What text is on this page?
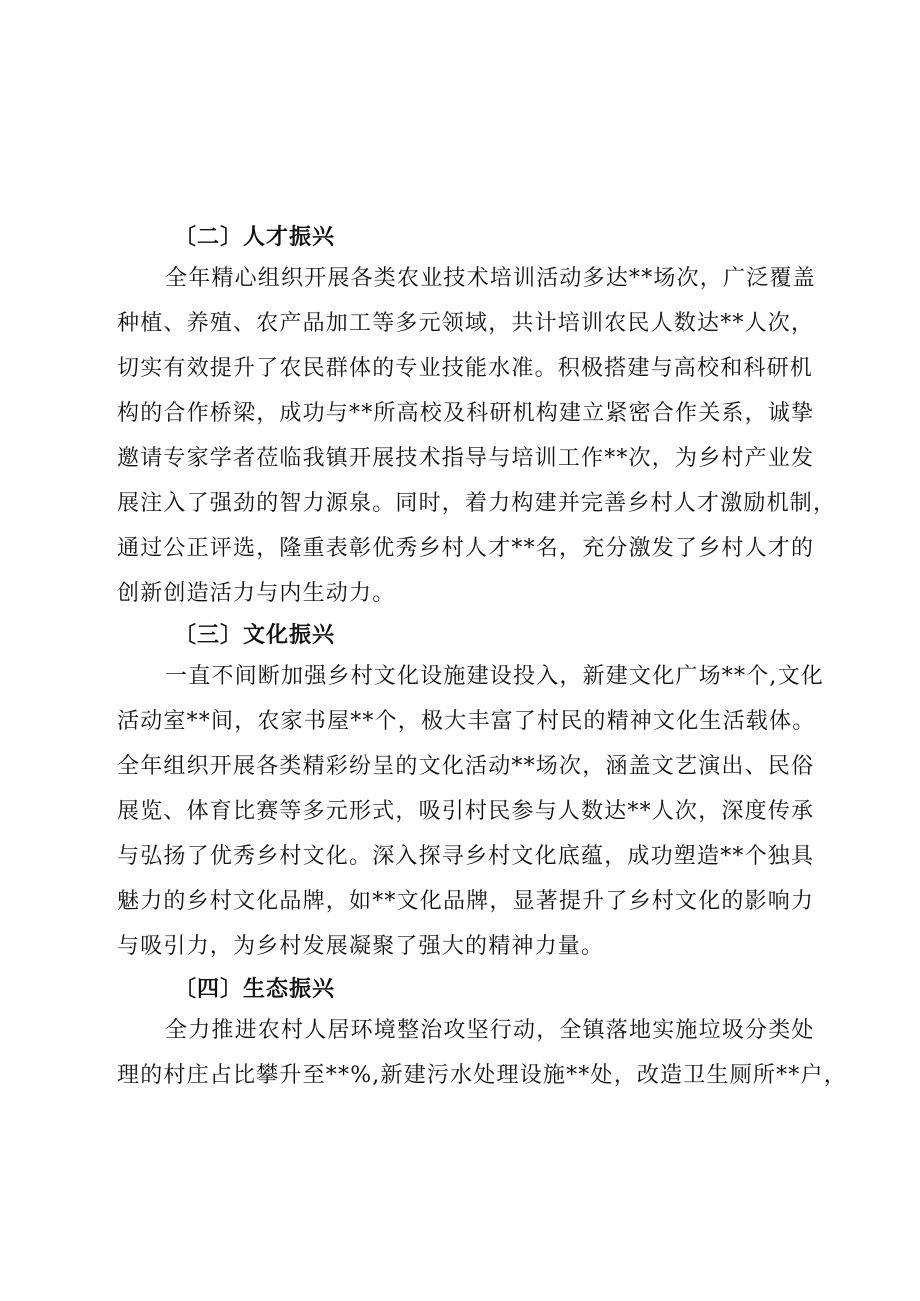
〔二〕人才振兴
全年精心组织开展各类农业技术培训活动多达**场次，广泛覆盖
种植、养殖、农产品加工等多元领域，共计培训农民人数达**人次，
切实有效提升了农民群体的专业技能水准。积极搭建与高校和科研机
构的合作桥梁，成功与**所高校及科研机构建立紧密合作关系，诚挚
邀请专家学者莅临我镇开展技术指导与培训工作**次，为乡村产业发
展注入了强劲的智力源泉。同时，着力构建并完善乡村人才激励机制，
通过公正评选，隆重表彰优秀乡村人才**名，充分激发了乡村人才的
创新创造活力与内生动力。
〔三〕文化振兴
一直不间断加强乡村文化设施建设投入，新建文化广场**个,文化
活动室**间，农家书屋**个，极大丰富了村民的精神文化生活载体。
全年组织开展各类精彩纷呈的文化活动**场次，涵盖文艺演出、民俗
展览、体育比赛等多元形式，吸引村民参与人数达**人次，深度传承
与弘扬了优秀乡村文化。深入探寻乡村文化底蕴，成功塑造**个独具
魅力的乡村文化品牌，如**文化品牌，显著提升了乡村文化的影响力
与吸引力，为乡村发展凝聚了强大的精神力量。
〔四〕生态振兴
全力推进农村人居环境整治攻坚行动，全镇落地实施垃圾分类处
理的村庄占比攀升至**%,新建污水处理设施**处，改造卫生厕所**户，
